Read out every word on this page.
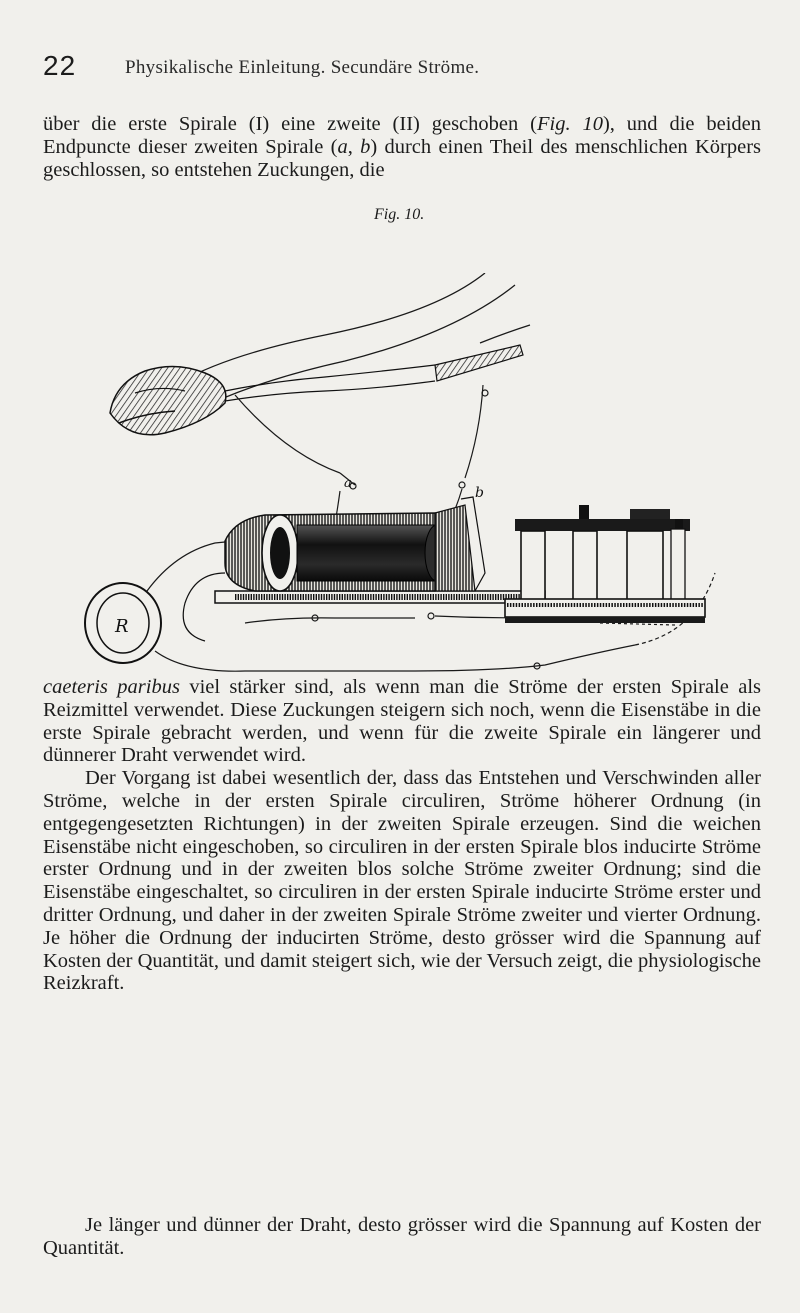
22	Physikalische Einleitung. Secundäre Ströme.
über die erste Spirale (I) eine zweite (II) geschoben (Fig. 10), und die beiden Endpuncte dieser zweiten Spirale (a, b) durch einen Theil des menschlichen Körpers geschlossen, so entstehen Zuckungen, die
Fig. 10.
R
a
b

caeteris paribus viel stärker sind, als wenn man die Ströme der ersten Spirale als Reizmittel verwendet. Diese Zuckungen steigern sich noch, wenn die Eisenstäbe in die erste Spirale gebracht werden, und wenn für die zweite Spirale ein längerer und dünnerer Draht verwendet wird.

Der Vorgang ist dabei wesentlich der, dass das Entstehen und Verschwinden aller Ströme, welche in der ersten Spirale circuliren, Ströme höherer Ordnung (in entgegengesetzten Richtungen) in der zweiten Spirale erzeugen. Sind die weichen Eisenstäbe nicht eingeschoben, so circuliren in der ersten Spirale blos inducirte Ströme erster Ordnung und in der zweiten blos solche Ströme zweiter Ordnung; sind die Eisenstäbe eingeschaltet, so circuliren in der ersten Spirale inducirte Ströme erster und dritter Ordnung, und daher in der zweiten Spirale Ströme zweiter und vierter Ordnung. Je höher die Ordnung der inducirten Ströme, desto grösser wird die Spannung auf Kosten der Quantität, und damit steigert sich, wie der Versuch zeigt, die physiologische Reizkraft.

Je länger und dünner der Draht, desto grösser wird die Spannung auf Kosten der Quantität.
